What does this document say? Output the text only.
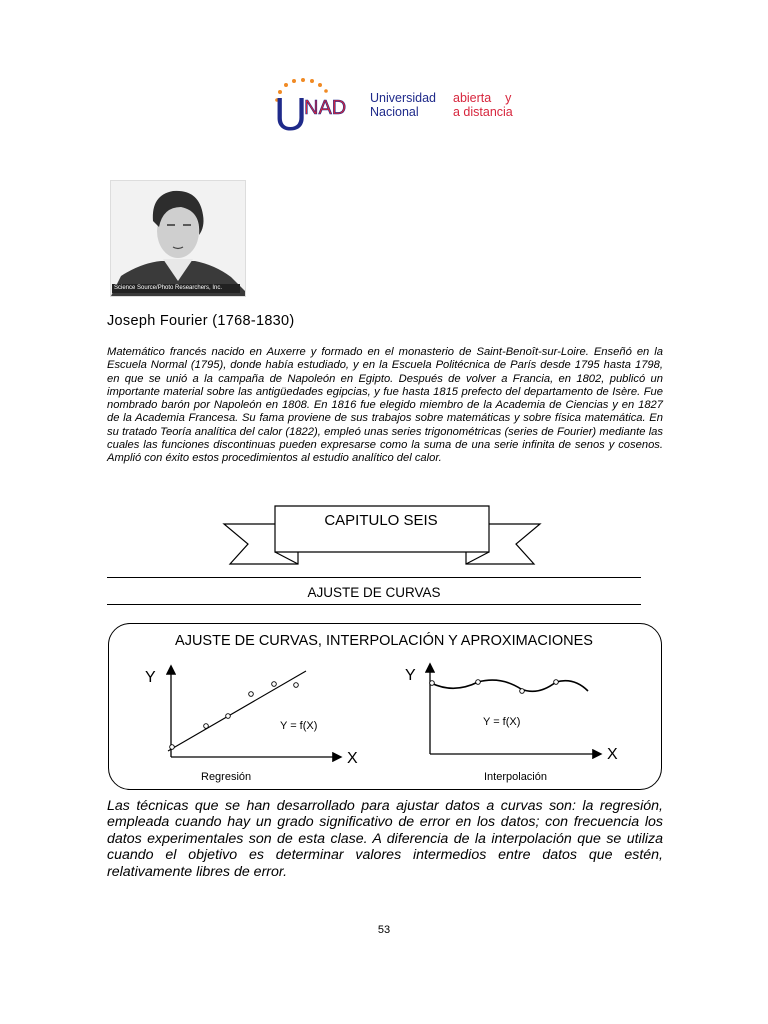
U
NAD Universidad
Nacional
abierta    y
a distancia
Science Source/Photo Researchers, Inc.
Joseph Fourier (1768-1830)
Matemático francés nacido en Auxerre y formado en el monasterio de Saint-Benoît-sur-Loire. Enseñó en la Escuela Normal (1795), donde había estudiado, y en la Escuela Politécnica de París desde 1795 hasta 1798, en que se unió a la campaña de Napoleón en Egipto. Después de volver a Francia, en 1802, publicó un importante material sobre las antigüedades egipcias, y fue hasta 1815 prefecto del departamento de Isère. Fue nombrado barón por Napoleón en 1808. En 1816 fue elegido miembro de la Academia de Ciencias y en 1827 de la Academia Francesa. Su fama proviene de sus trabajos sobre matemáticas y sobre física matemática. En su tratado Teoría analítica del calor (1822), empleó unas series trigonométricas (series de Fourier) mediante las cuales las funciones discontinuas pueden expresarse como la suma de una serie infinita de senos y cosenos. Amplió con éxito estos procedimientos al estudio analítico del calor.
CAPITULO SEIS
AJUSTE DE CURVAS
AJUSTE DE CURVAS, INTERPOLACIÓN Y APROXIMACIONES
Y
X
Y = f(X)
Regresión
Y
X
Y = f(X)
Interpolación
Las técnicas que se han desarrollado para ajustar datos a curvas son: la regresión, empleada cuando hay un grado significativo de error en los datos; con frecuencia los datos experimentales son de esta clase. A diferencia de la interpolación que se utiliza cuando el objetivo es determinar valores intermedios entre datos que estén, relativamente libres de error.
53
